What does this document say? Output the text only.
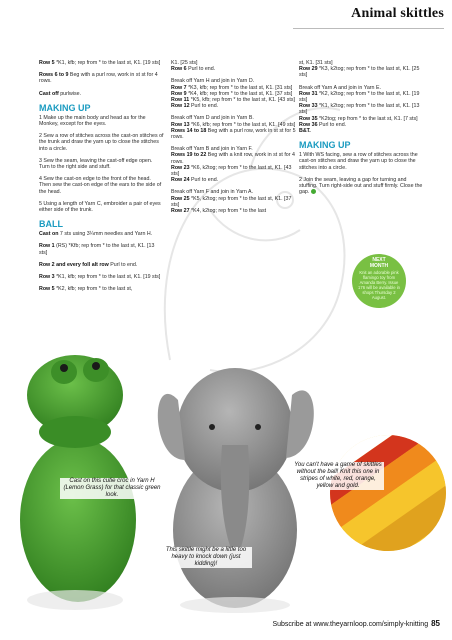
Animal skittles

Row 5 *K1, kfb; rep from * to the last st, K1. [19 sts]

Rows 6 to 9 Beg with a purl row, work in st st for 4 rows.

Cast off purlwise.

MAKING UP

1 Make up the main body and head as for the Monkey, except for the eyes.

2 Sew a row of stitches across the cast-on stitches of the trunk and draw the yarn up to close the stitches into a circle.

3 Sew the seam, leaving the cast-off edge open. Turn to the right side and stuff.

4 Sew the cast-on edge to the front of the head. Then sew the cast-on edge of the ears to the side of the head.

5 Using a length of Yarn C, embroider a pair of eyes either side of the trunk.

BALL

Cast on 7 sts using 3¼mm needles and Yarn H.

Row 1 (RS) *Kfb; rep from * to the last st, K1. [13 sts]

Row 2 and every foll alt row Purl to end.

Row 3 *K1, kfb; rep from * to the last st, K1. [19 sts]

Row 5 *K2, kfb; rep from * to the last st,

K1. [25 sts]

Row 6 Purl to end.

Break off Yarn H and join in Yarn D.

Row 7 *K3, kfb; rep from * to the last st, K1. [31 sts]

Row 9 *K4, kfb; rep from * to the last st, K1. [37 sts]

Row 11 *K5, kfb; rep from * to the last st, K1. [43 sts]

Row 12 Purl to end.

Break off Yarn D and join in Yarn B.

Row 13 *K6, kfb; rep from * to the last st, K1. [49 sts]

Rows 14 to 18 Beg with a purl row, work in st st for 5 rows.

Break off Yarn B and join in Yarn F.

Rows 19 to 22 Beg with a knit row, work in st st for 4 rows.

Row 23 *K6, k2tog; rep from * to the last st, K1. [43 sts]

Row 24 Purl to end.

Break off Yarn F and join in Yarn A.

Row 25 *K5, k2tog; rep from * to the last st, K1. [37 sts]

Row 27 *K4, k2tog; rep from * to the last

st, K1. [31 sts]

Row 29 *K3, k2tog; rep from * to the last st, K1. [25 sts]

Break off Yarn A and join in Yarn E.

Row 31 *K2, k2tog; rep from * to the last st, K1. [19 sts]

Row 33 *K1, k2tog; rep from * to the last st, K1. [13 sts]

Row 35 *K2tog; rep from * to the last st, K1. [7 sts]

Row 36 Purl to end.

B&T.

MAKING UP

1 With WS facing, sew a row of stitches across the cast-on stitches and draw the yarn up to close the stitches into a circle.

2 Join the seam, leaving a gap for turning and stuffing. Turn right-side out and stuff firmly. Close the gap.

NEXT
MONTH
Knit an adorable pink flamingo toy from Amanda Berry. Issue 176 will be available in shops Thursday 2 August.
Cast on this cutie croc in Yarn H (Lemon Grass) for that classic green look.
This skittle might be a little too heavy to knock down (just kidding)!
You can't have a game of skittles without the ball! Knit this one in stripes of white, red, orange, yellow and gold.
Subscribe at www.theyarnloop.com/simply-knitting 85
